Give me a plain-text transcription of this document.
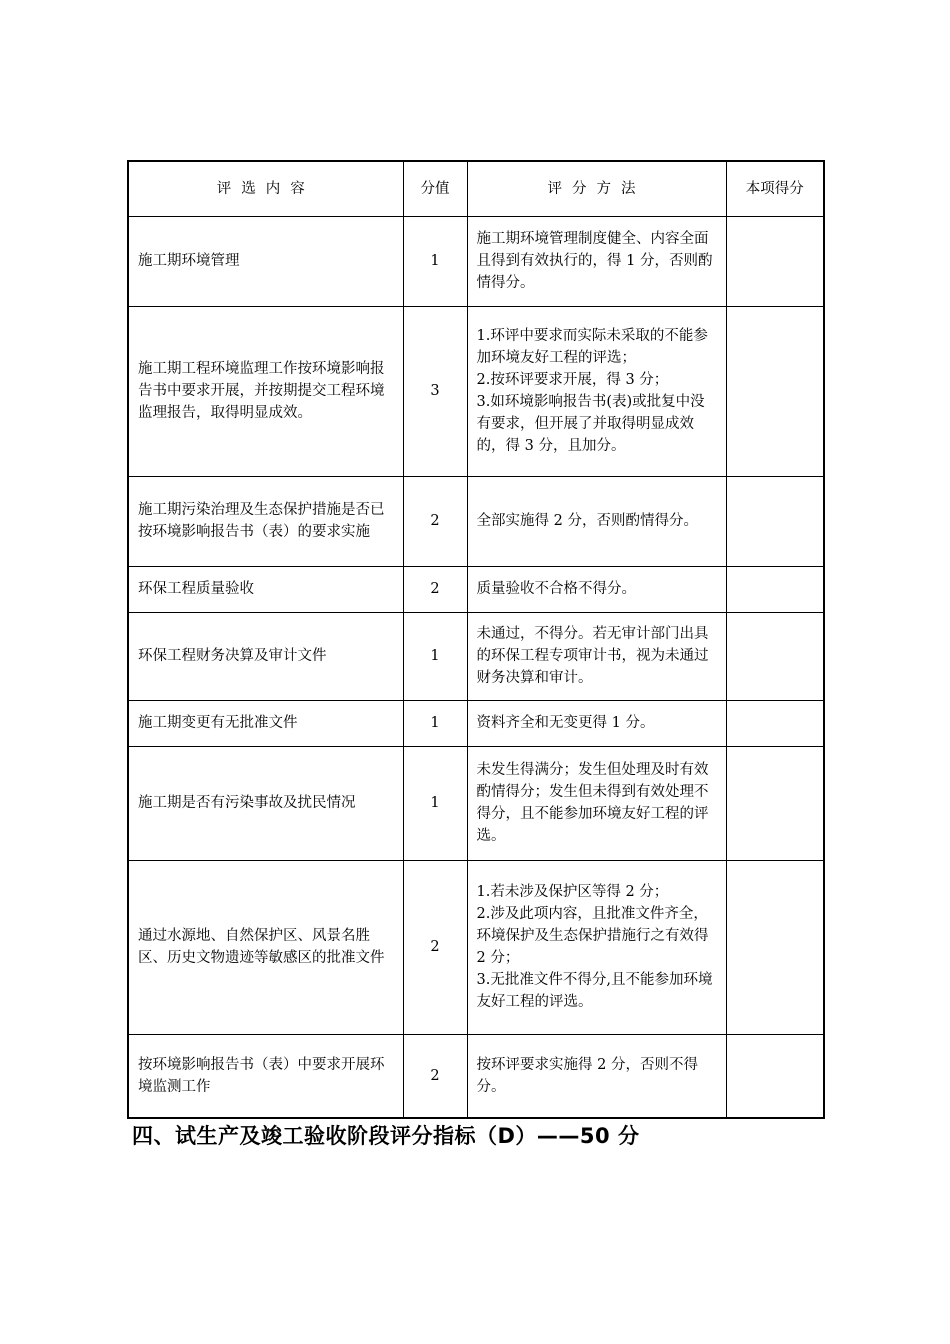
评选内容	分值	评分方法	本项得分
施工期环境管理	1	施工期环境管理制度健全、内容全面且得到有效执行的，得 1 分，否则酌情得分。	
施工期工程环境监理工作按环境影响报告书中要求开展，并按期提交工程环境监理报告，取得明显成效。	3	1.环评中要求而实际未采取的不能参加环境友好工程的评选；
2.按环评要求开展，得 3 分；
3.如环境影响报告书(表)或批复中没有要求，但开展了并取得明显成效的，得 3 分，且加分。	
施工期污染治理及生态保护措施是否已按环境影响报告书（表）的要求实施	2	全部实施得 2 分，否则酌情得分。	
环保工程质量验收	2	质量验收不合格不得分。	
环保工程财务决算及审计文件	1	未通过，不得分。若无审计部门出具的环保工程专项审计书，视为未通过财务决算和审计。	
施工期变更有无批准文件	1	资料齐全和无变更得 1 分。	
施工期是否有污染事故及扰民情况	1	未发生得满分；发生但处理及时有效酌情得分；发生但未得到有效处理不得分，且不能参加环境友好工程的评选。	
通过水源地、自然保护区、风景名胜区、历史文物遗迹等敏感区的批准文件	2	1.若未涉及保护区等得 2 分；
2.涉及此项内容，且批准文件齐全，环境保护及生态保护措施行之有效得 2 分；
3.无批准文件不得分,且不能参加环境友好工程的评选。	
按环境影响报告书（表）中要求开展环境监测工作	2	按环评要求实施得 2 分，否则不得分。	
四、试生产及竣工验收阶段评分指标（D）——50 分
